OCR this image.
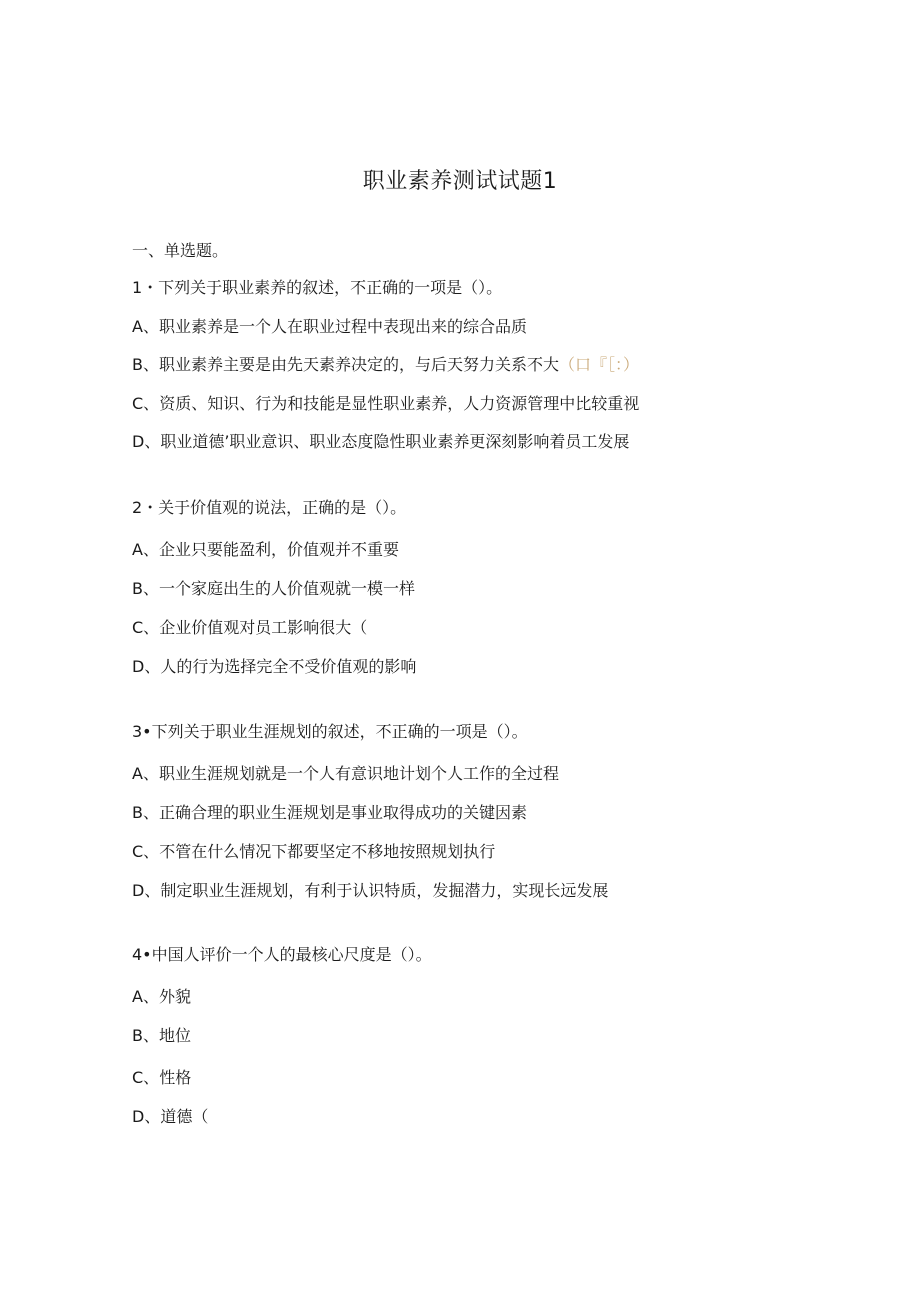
职业素养测试试题1
一、单选题。
1・下列关于职业素养的叙述，不正确的一项是（）。
A、职业素养是一个人在职业过程中表现出来的综合品质
B、职业素养主要是由先天素养决定的，与后天努力关系不大（口『［：）
C、资质、知识、行为和技能是显性职业素养，人力资源管理中比较重视
D、职业道德’职业意识、职业态度隐性职业素养更深刻影响着员工发展
2・关于价值观的说法，正确的是（）。
A、企业只要能盈利，价值观并不重要
B、一个家庭出生的人价值观就一模一样
C、企业价值观对员工影响很大（
D、人的行为选择完全不受价值观的影响
3•下列关于职业生涯规划的叙述，不正确的一项是（）。
A、职业生涯规划就是一个人有意识地计划个人工作的全过程
B、正确合理的职业生涯规划是事业取得成功的关键因素
C、不管在什么情况下都要坚定不移地按照规划执行
D、制定职业生涯规划，有利于认识特质，发掘潜力，实现长远发展
4•中国人评价一个人的最核心尺度是（）。
A、外貌
B、地位
C、性格
D、道德（
